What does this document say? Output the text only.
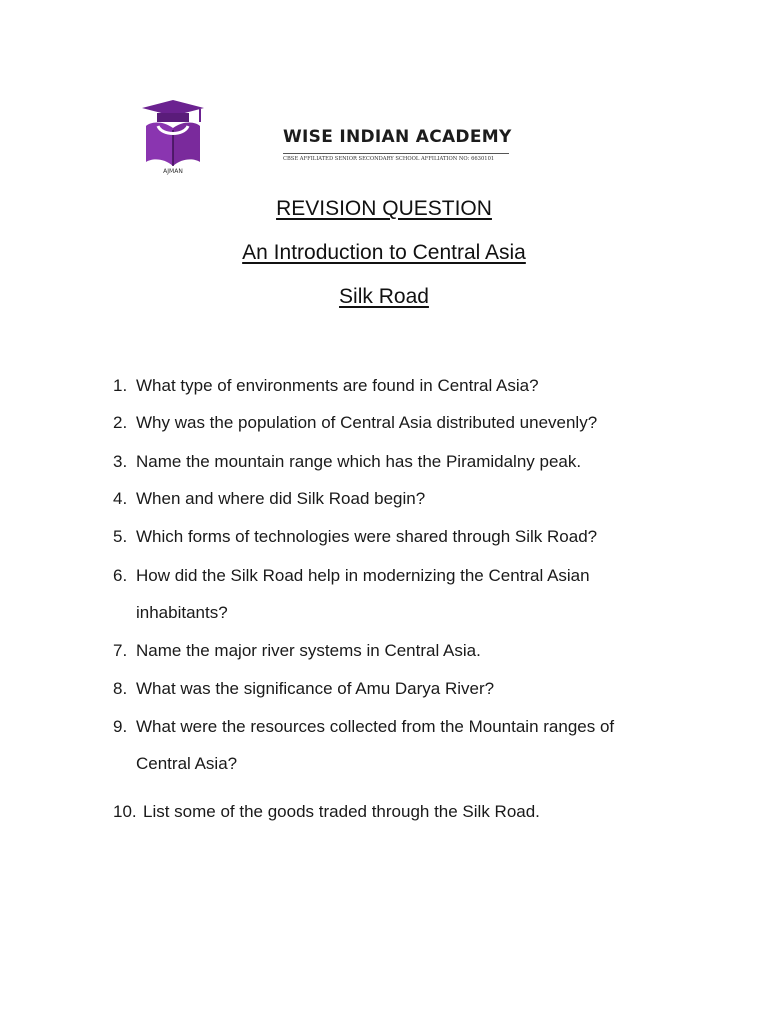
AJMAN
WISE INDIAN ACADEMY
CBSE AFFILIATED SENIOR SECONDARY SCHOOL AFFILIATION NO: 6630101
REVISION QUESTION
An Introduction to Central Asia
Silk Road
1. What type of environments are found in Central Asia?
2. Why was the population of Central Asia distributed unevenly?
3. Name the mountain range which has the Piramidalny peak.
4. When and where did Silk Road begin?
5. Which forms of technologies were shared through Silk Road?
6. How did the Silk Road help in modernizing the Central Asian
inhabitants?
7. Name the major river systems in Central Asia.
8. What was the significance of Amu Darya River?
9. What were the resources collected from the Mountain ranges of
Central Asia?
10. List some of the goods traded through the Silk Road.
